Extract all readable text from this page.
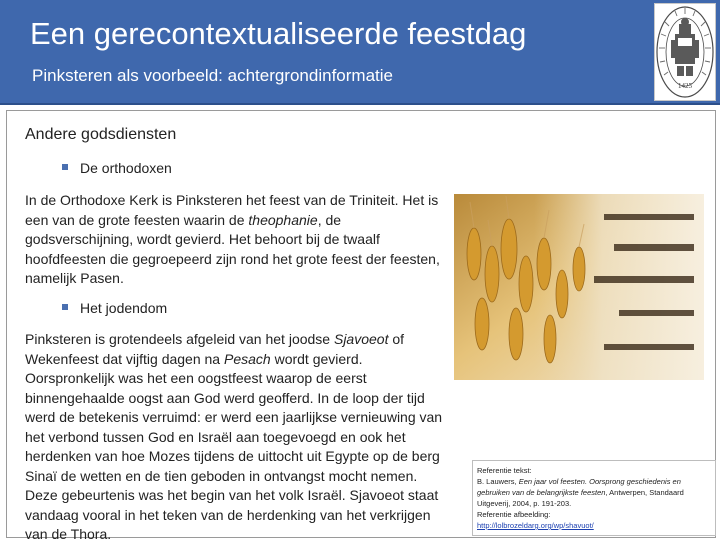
Een gerecontextualiseerde feestdag
Pinksteren als voorbeeld: achtergrondinformatie
1425
Andere godsdiensten
De orthodoxen

In de Orthodoxe Kerk is Pinksteren het feest van de Triniteit. Het is een van de grote feesten waarin de theophanie, de godsverschijning, wordt gevierd. Het behoort bij de twaalf hoofdfeesten die gegroepeerd zijn rond het grote feest der feesten, namelijk Pasen.

Het jodendom

Pinksteren is grotendeels afgeleid van het joodse Sjavoeot of Wekenfeest dat vijftig dagen na Pesach wordt gevierd. Oorspronkelijk was het een oogstfeest waarop de eerst binnengehaalde oogst aan God werd geofferd. In de loop der tijd werd de betekenis verruimd: er werd een jaarlijkse vernieuwing van het verbond tussen God en Israël aan toegevoegd en ook het herdenken van hoe Mozes tijdens de uittocht uit Egypte op de berg Sinaï de wetten en de tien geboden in ontvangst mocht nemen. Deze gebeurtenis was het begin van het volk Israël. Sjavoeot staat vandaag vooral in het teken van de herdenking van het verkrijgen van de Thora.

Referentie tekst:
B. Lauwers, Een jaar vol feesten. Oorsprong geschiedenis en gebruiken van de belangrijkste feesten, Antwerpen, Standaard Uitgeverij, 2004, p. 191-203.
Referentie afbeelding:
http://lolbrozeldarg.org/wp/shavuot/
